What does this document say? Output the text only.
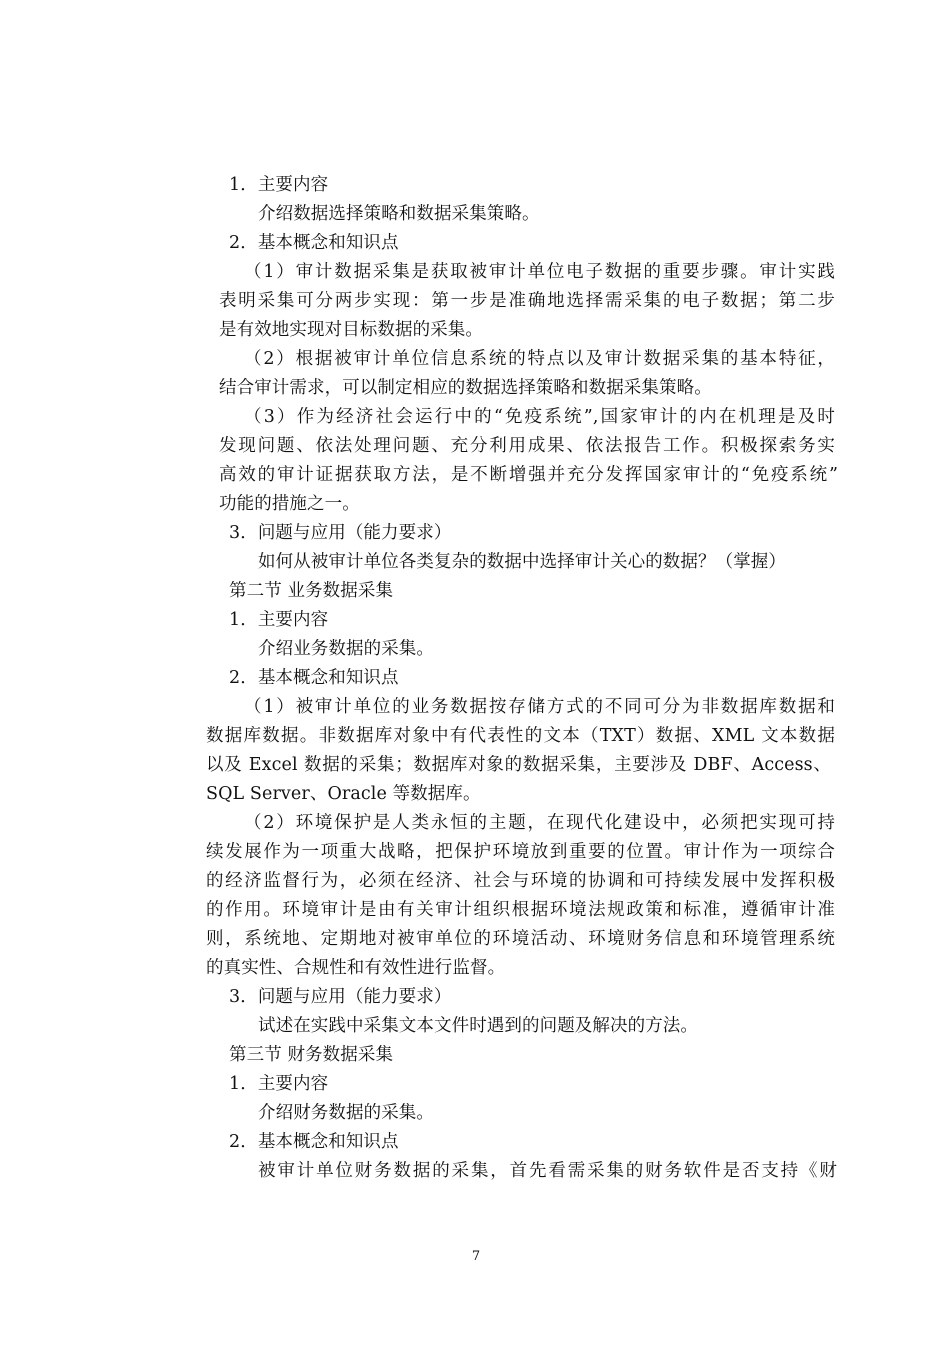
1．主要内容
介绍数据选择策略和数据采集策略。
2．基本概念和知识点
（1）审计数据采集是获取被审计单位电子数据的重要步骤。审计实践
表明采集可分两步实现：第一步是准确地选择需采集的电子数据；第二步
是有效地实现对目标数据的采集。
（2）根据被审计单位信息系统的特点以及审计数据采集的基本特征，
结合审计需求，可以制定相应的数据选择策略和数据采集策略。
（3）作为经济社会运行中的“免疫系统”,国家审计的内在机理是及时
发现问题、依法处理问题、充分利用成果、依法报告工作。积极探索务实
高效的审计证据获取方法，是不断增强并充分发挥国家审计的“免疫系统”
功能的措施之一。
3．问题与应用（能力要求）
如何从被审计单位各类复杂的数据中选择审计关心的数据？（掌握）
第二节 业务数据采集
1．主要内容
介绍业务数据的采集。
2．基本概念和知识点
（1）被审计单位的业务数据按存储方式的不同可分为非数据库数据和
数据库数据。非数据库对象中有代表性的文本（TXT）数据、XML 文本数据
以及 Excel 数据的采集；数据库对象的数据采集，主要涉及 DBF、Access、
SQL Server、Oracle 等数据库。
（2）环境保护是人类永恒的主题，在现代化建设中，必须把实现可持
续发展作为一项重大战略，把保护环境放到重要的位置。审计作为一项综合
的经济监督行为，必须在经济、社会与环境的协调和可持续发展中发挥积极
的作用。环境审计是由有关审计组织根据环境法规政策和标准，遵循审计准
则，系统地、定期地对被审单位的环境活动、环境财务信息和环境管理系统
的真实性、合规性和有效性进行监督。
3．问题与应用（能力要求）
试述在实践中采集文本文件时遇到的问题及解决的方法。
第三节 财务数据采集
1．主要内容
介绍财务数据的采集。
2．基本概念和知识点
被审计单位财务数据的采集，首先看需采集的财务软件是否支持《财
7
